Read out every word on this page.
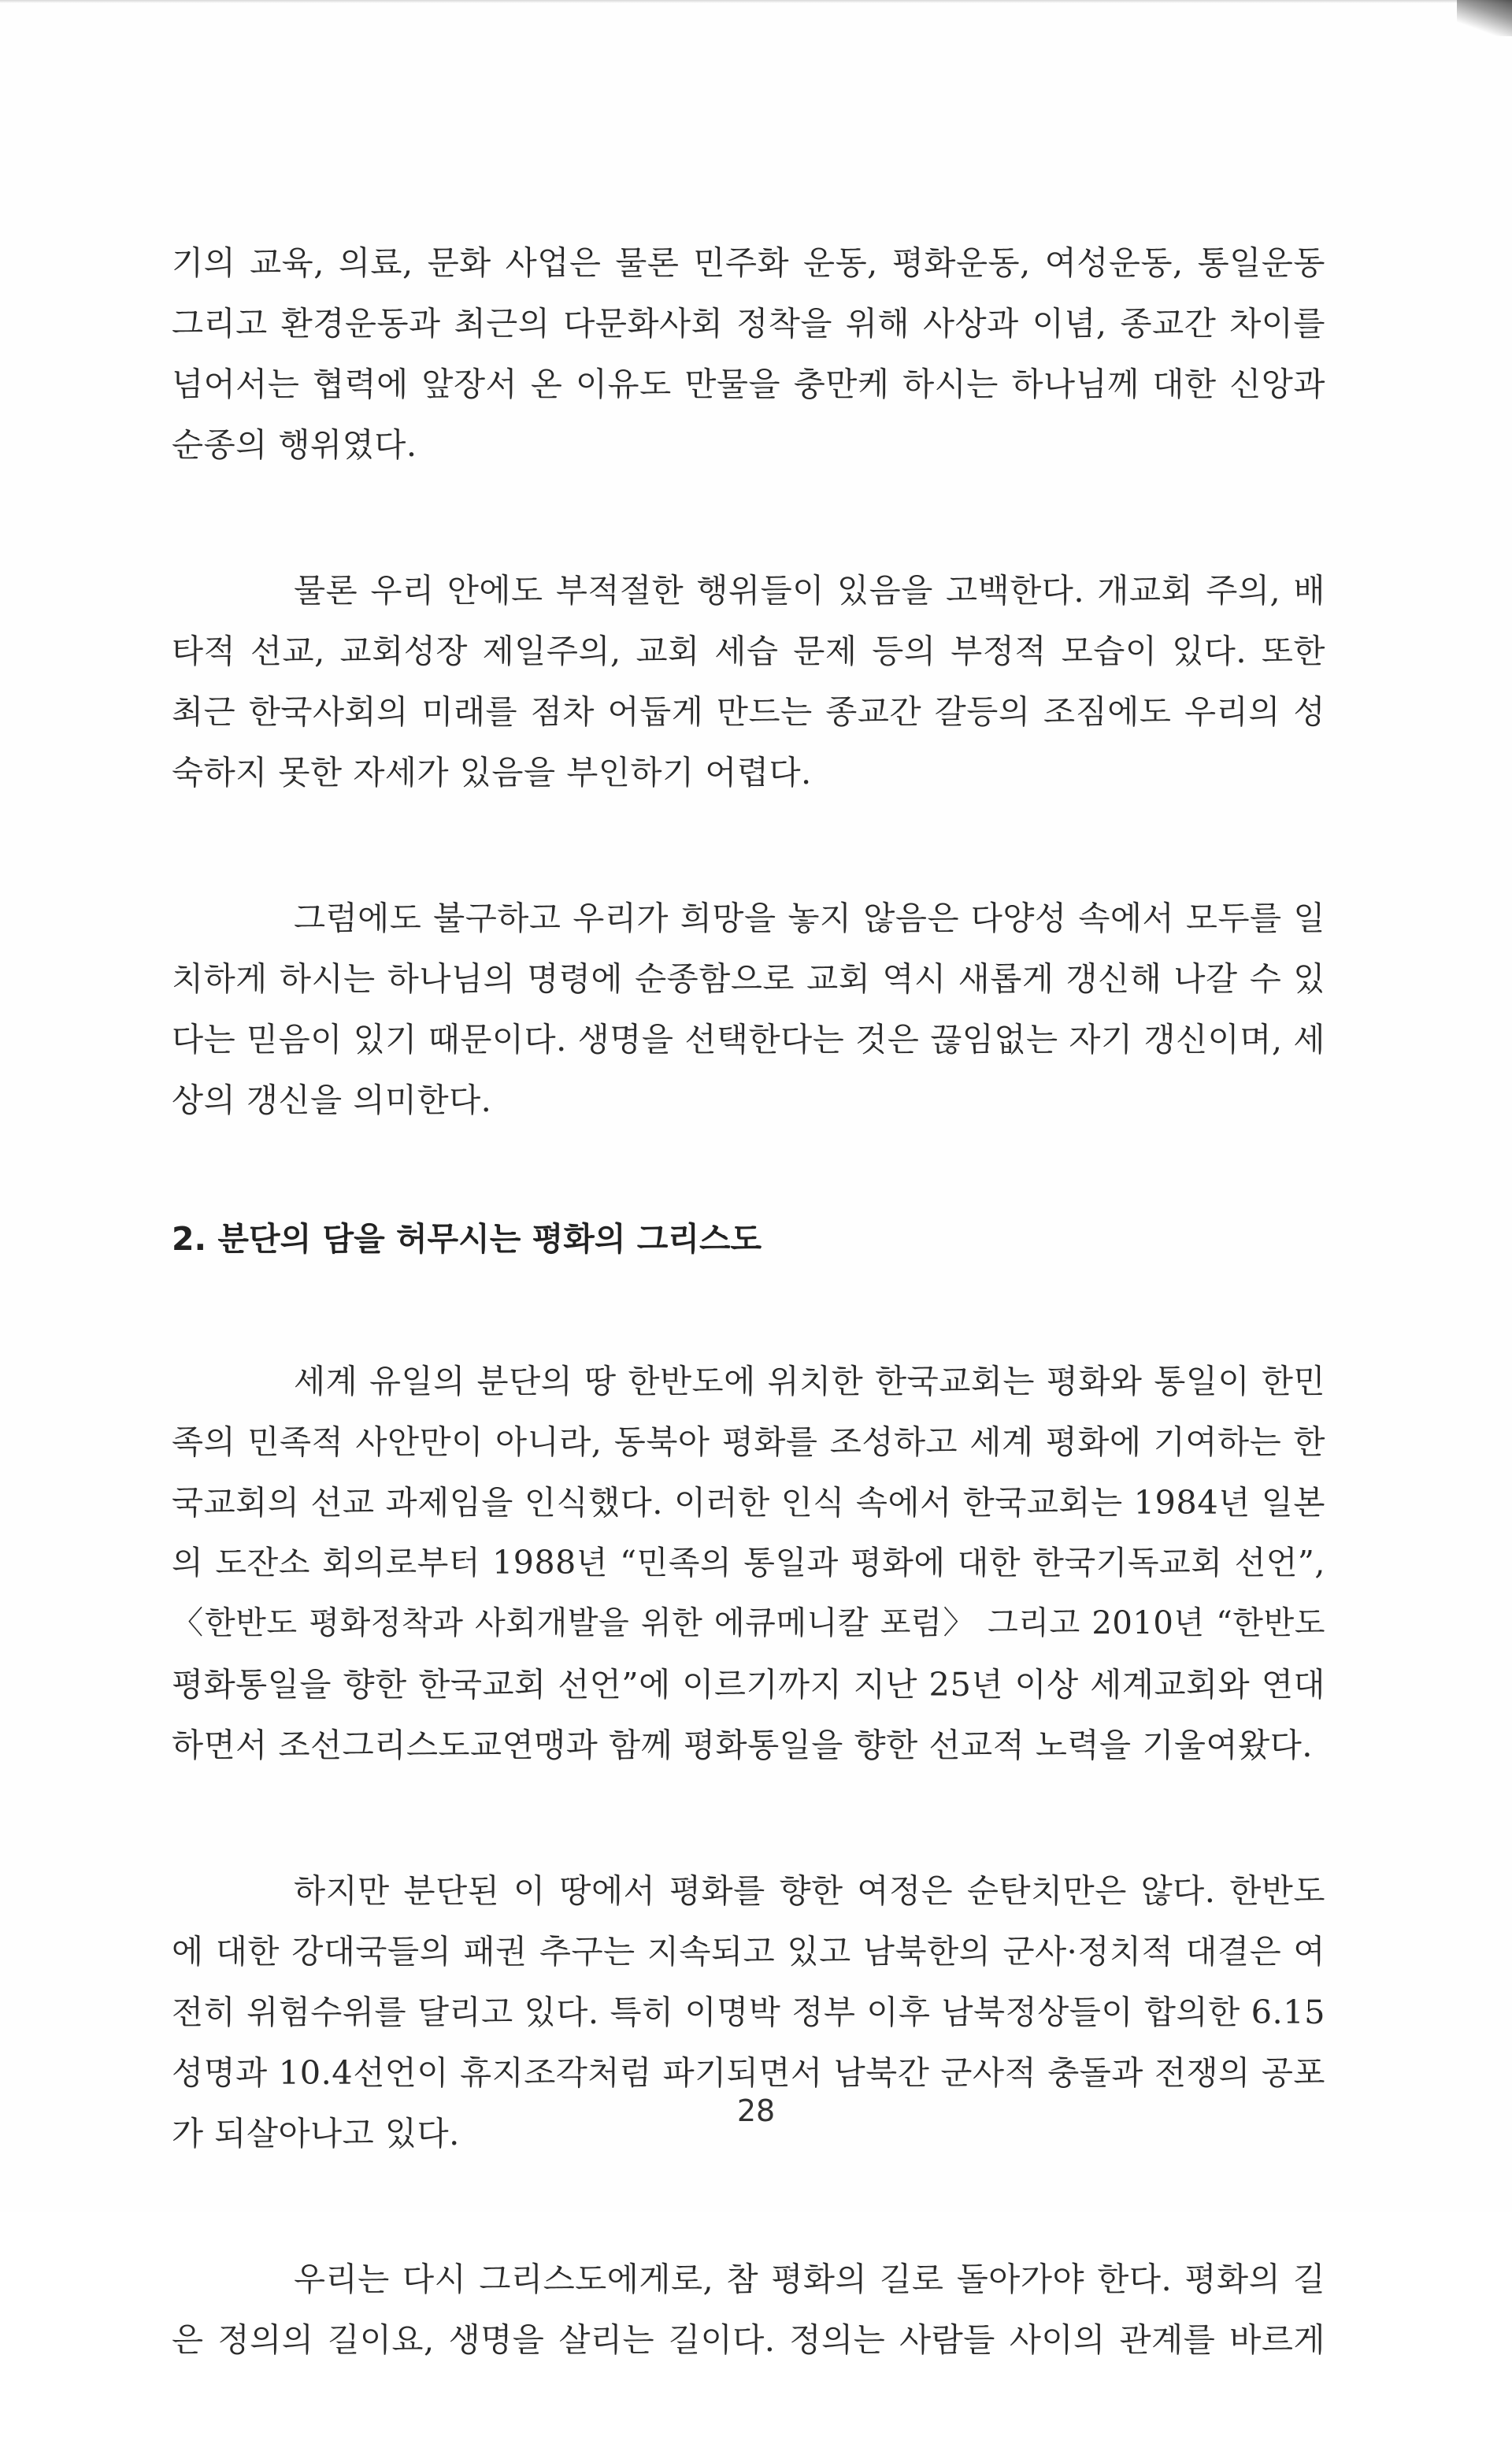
기의 교육, 의료, 문화 사업은 물론 민주화 운동, 평화운동, 여성운동, 통일운동
그리고 환경운동과 최근의 다문화사회 정착을 위해 사상과 이념, 종교간 차이를
넘어서는 협력에 앞장서 온 이유도 만물을 충만케 하시는 하나님께 대한 신앙과
순종의 행위였다.
물론 우리 안에도 부적절한 행위들이 있음을 고백한다. 개교회 주의, 배
타적 선교, 교회성장 제일주의, 교회 세습 문제 등의 부정적 모습이 있다. 또한
최근 한국사회의 미래를 점차 어둡게 만드는 종교간 갈등의 조짐에도 우리의 성
숙하지 못한 자세가 있음을 부인하기 어렵다.
그럼에도 불구하고 우리가 희망을 놓지 않음은 다양성 속에서 모두를 일
치하게 하시는 하나님의 명령에 순종함으로 교회 역시 새롭게 갱신해 나갈 수 있
다는 믿음이 있기 때문이다. 생명을 선택한다는 것은 끊임없는 자기 갱신이며, 세
상의 갱신을 의미한다.
2. 분단의 담을 허무시는 평화의 그리스도
세계 유일의 분단의 땅 한반도에 위치한 한국교회는 평화와 통일이 한민
족의 민족적 사안만이 아니라, 동북아 평화를 조성하고 세계 평화에 기여하는 한
국교회의 선교 과제임을 인식했다. 이러한 인식 속에서 한국교회는 1984년 일본
의 도잔소 회의로부터 1988년 “민족의 통일과 평화에 대한 한국기독교회 선언”,
〈한반도 평화정착과 사회개발을 위한 에큐메니칼 포럼〉 그리고 2010년 “한반도
평화통일을 향한 한국교회 선언”에 이르기까지 지난 25년 이상 세계교회와 연대
하면서 조선그리스도교연맹과 함께 평화통일을 향한 선교적 노력을 기울여왔다.
하지만 분단된 이 땅에서 평화를 향한 여정은 순탄치만은 않다. 한반도
에 대한 강대국들의 패권 추구는 지속되고 있고 남북한의 군사·정치적 대결은 여
전히 위험수위를 달리고 있다. 특히 이명박 정부 이후 남북정상들이 합의한 6.15
성명과 10.4선언이 휴지조각처럼 파기되면서 남북간 군사적 충돌과 전쟁의 공포
가 되살아나고 있다.
우리는 다시 그리스도에게로, 참 평화의 길로 돌아가야 한다. 평화의 길
은 정의의 길이요, 생명을 살리는 길이다. 정의는 사람들 사이의 관계를 바르게
28
